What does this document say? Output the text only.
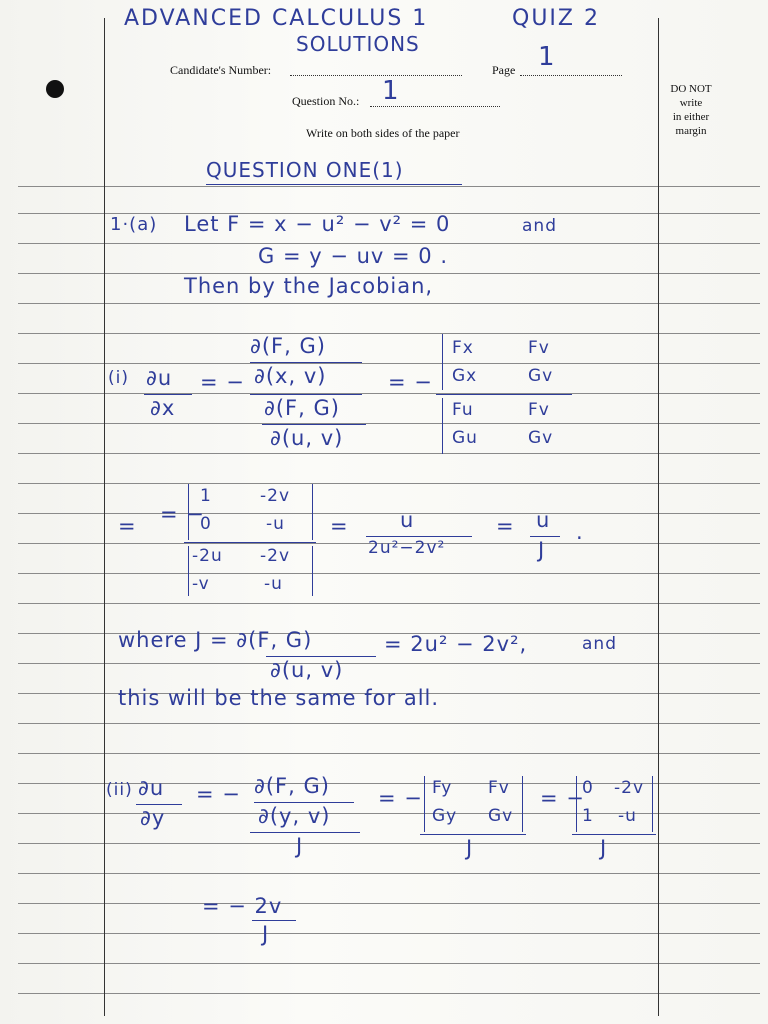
ADVANCED CALCULUS 1	QUIZ 2
SOLUTIONS
Candidate's Number:	Page 1
Question No.: 1
Write on both sides of the paper
DO NOT
write
in either
margin
QUESTION ONE(1)
1·(a) Let F = x − u² − v² = 0	and
G = y − uv = 0 .
Then by the Jacobian,
(i) ∂u
∂x
= −
∂(F, G)
∂(x, v)
∂(F, G)
∂(u, v)
= −
Fx	Fv
Gx	Gv
Fu	Fv
Gu	Gv
= = −
1	-2v
0	-u
-2u -2v
-v	-u
= u
2u²−2v²
= u
J
.
where J = ∂(F, G)
∂(u, v)
= 2u² − 2v²,	and
this will be the same for all.
(ii) ∂u
∂y
= − ∂(F, G)
∂(y, v)
J
= − Fy Fv
Gy Gv
J
= −
0 -2v
1 -u
J
= − 2v
J
